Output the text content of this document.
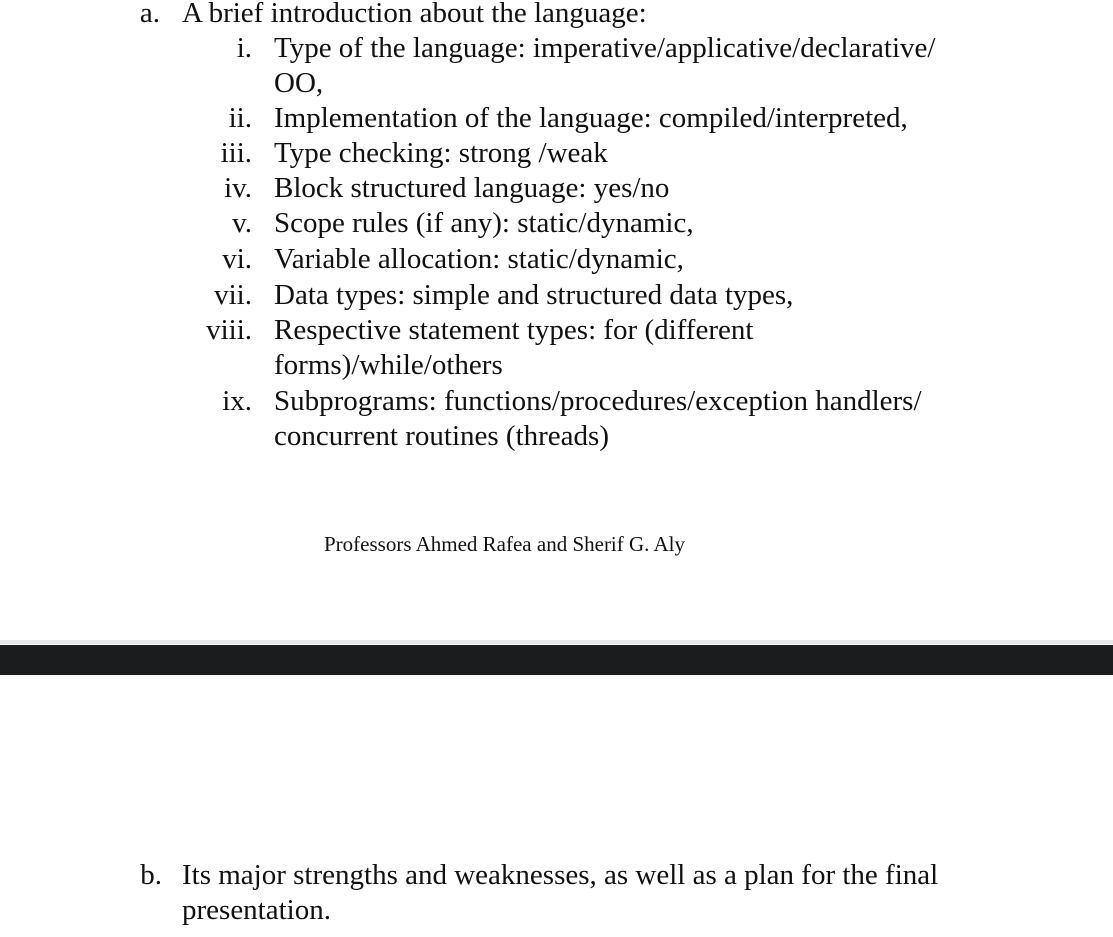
a. A brief introduction about the language:
i. Type of the language: imperative/applicative/declarative/
OO,
ii. Implementation of the language: compiled/interpreted,
iii. Type checking: strong /weak
iv. Block structured language: yes/no
v. Scope rules (if any): static/dynamic,
vi. Variable allocation: static/dynamic,
vii. Data types: simple and structured data types,
viii. Respective statement types: for (different
forms)/while/others
ix. Subprograms: functions/procedures/exception handlers/
concurrent routines (threads)
Professors Ahmed Rafea and Sherif G. Aly
b. Its major strengths and weaknesses, as well as a plan for the final
presentation.
